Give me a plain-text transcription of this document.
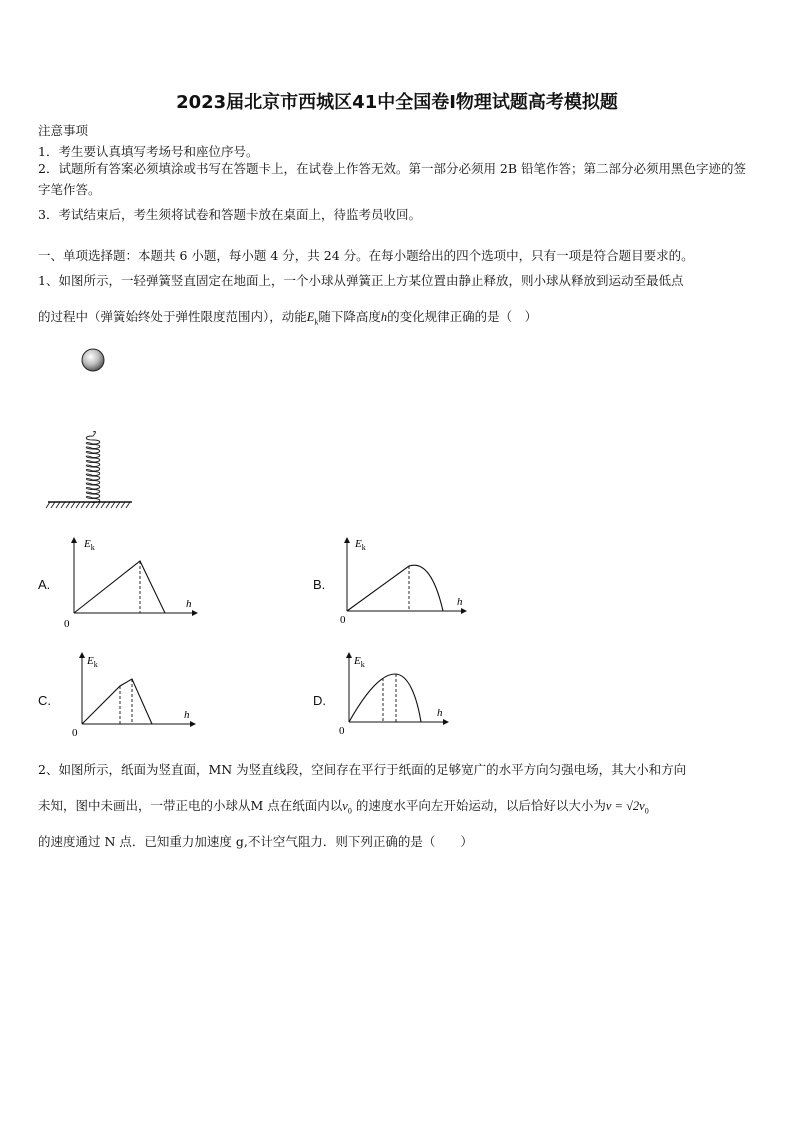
2023届北京市西城区41中全国卷Ⅰ物理试题高考模拟题
注意事项
1．考生要认真填写考场号和座位序号。
2．试题所有答案必须填涂或书写在答题卡上，在试卷上作答无效。第一部分必须用 2B 铅笔作答；第二部分必须用黑色字迹的签字笔作答。
3．考试结束后，考生须将试卷和答题卡放在桌面上，待监考员收回。
一、单项选择题：本题共 6 小题，每小题 4 分，共 24 分。在每小题给出的四个选项中，只有一项是符合题目要求的。
1、如图所示，一轻弹簧竖直固定在地面上，一个小球从弹簧正上方某位置由静止释放，则小球从释放到运动至最低点
的过程中（弹簧始终处于弹性限度范围内），动能$E_k$随下降高度h的变化规律正确的是（　）
A.
$E_k$
h
0
B.
$E_k$
h
0
C.
$E_k$
h
0
D.
$E_k$
h
0
2、如图所示，纸面为竖直面，MN 为竖直线段，空间存在平行于纸面的足够宽广的水平方向匀强电场，其大小和方向
未知，图中未画出，一带正电的小球从M 点在纸面内以$v_0$ 的速度水平向左开始运动，以后恰好以大小为$v = √2v_0$
的速度通过 N 点．已知重力加速度 g,不计空气阻力．则下列正确的是（　　）
